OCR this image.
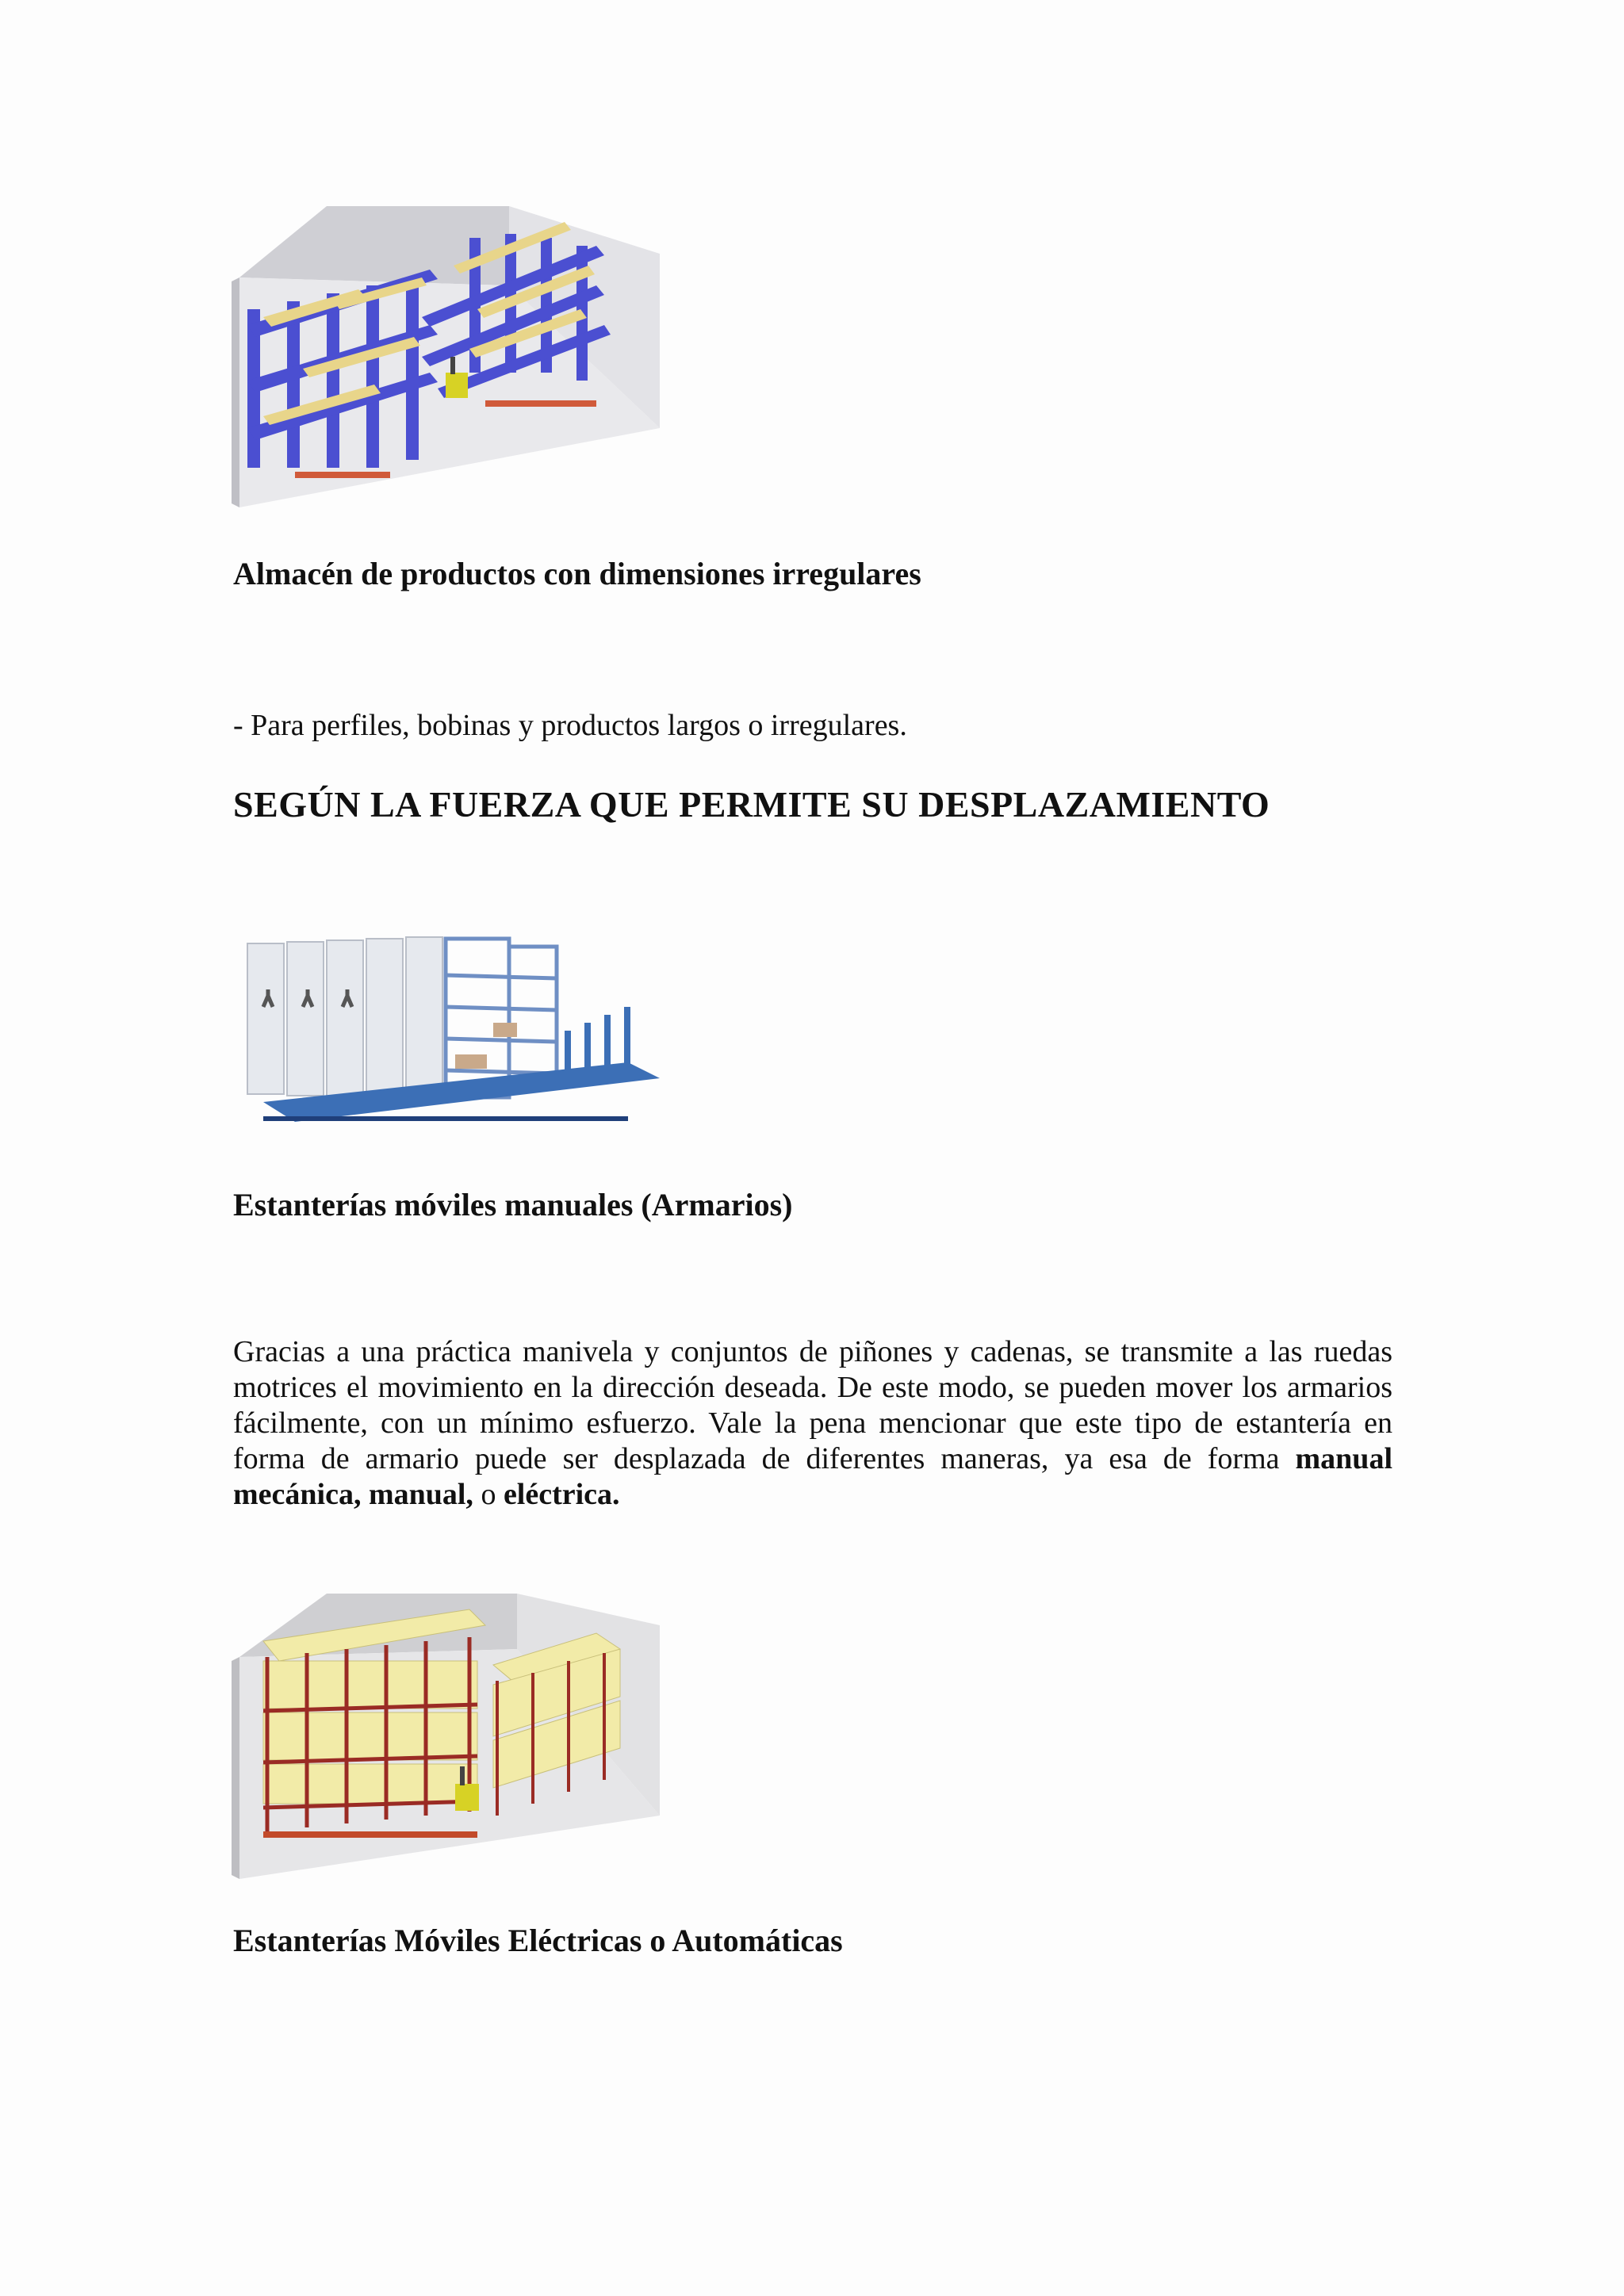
Almacén de productos con dimensiones irregulares

- Para perfiles, bobinas y productos largos o irregulares.

SEGÚN LA FUERZA QUE PERMITE SU DESPLAZAMIENTO

Estanterías móviles manuales (Armarios)

Gracias a una práctica manivela y conjuntos de piñones y cadenas, se transmite a las ruedas motrices el movimiento en la dirección deseada. De este modo, se pueden mover los armarios fácilmente, con un mínimo esfuerzo. Vale la pena mencionar que este tipo de estantería en forma de armario puede ser desplazada de diferentes maneras, ya esa de forma manual mecánica, manual, o eléctrica.

Estanterías Móviles Eléctricas o Automáticas
